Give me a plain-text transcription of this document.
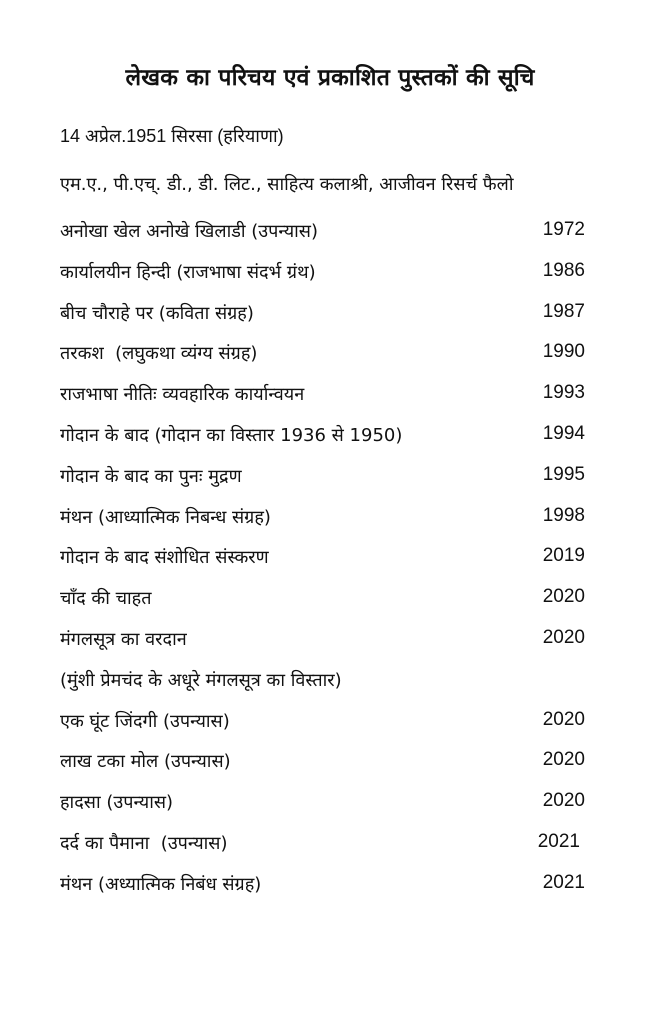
लेखक का परिचय एवं प्रकाशित पुस्तकों की सूचि
14 अप्रेल.1951 सिरसा (हरियाणा)
एम.ए., पी.एच्. डी., डी. लिट., साहित्य कलाश्री, आजीवन रिसर्च फैलो
अनोखा खेल अनोखे खिलाडी (उपन्यास)	1972
कार्यालयीन हिन्दी (राजभाषा संदर्भ ग्रंथ)	1986
बीच चौराहे पर (कविता संग्रह)	1987
तरकश  (लघुकथा व्यंग्य संग्रह)	1990
राजभाषा नीतिः व्यवहारिक कार्यान्वयन	1993
गोदान के बाद (गोदान का विस्तार 1936 से 1950)	1994
गोदान के बाद का पुनः मुद्रण	1995
मंथन (आध्यात्मिक निबन्ध संग्रह)	1998
गोदान के बाद संशोधित संस्करण	2019
चाँद की चाहत	2020
मंगलसूत्र का वरदान	2020
(मुंशी प्रेमचंद के अधूरे मंगलसूत्र का विस्तार)
एक घूंट जिंदगी (उपन्यास)	2020
लाख टका मोल (उपन्यास)	2020
हादसा (उपन्यास)	2020
दर्द का पैमाना  (उपन्यास)	2021
मंथन (अध्यात्मिक निबंध संग्रह)	2021
